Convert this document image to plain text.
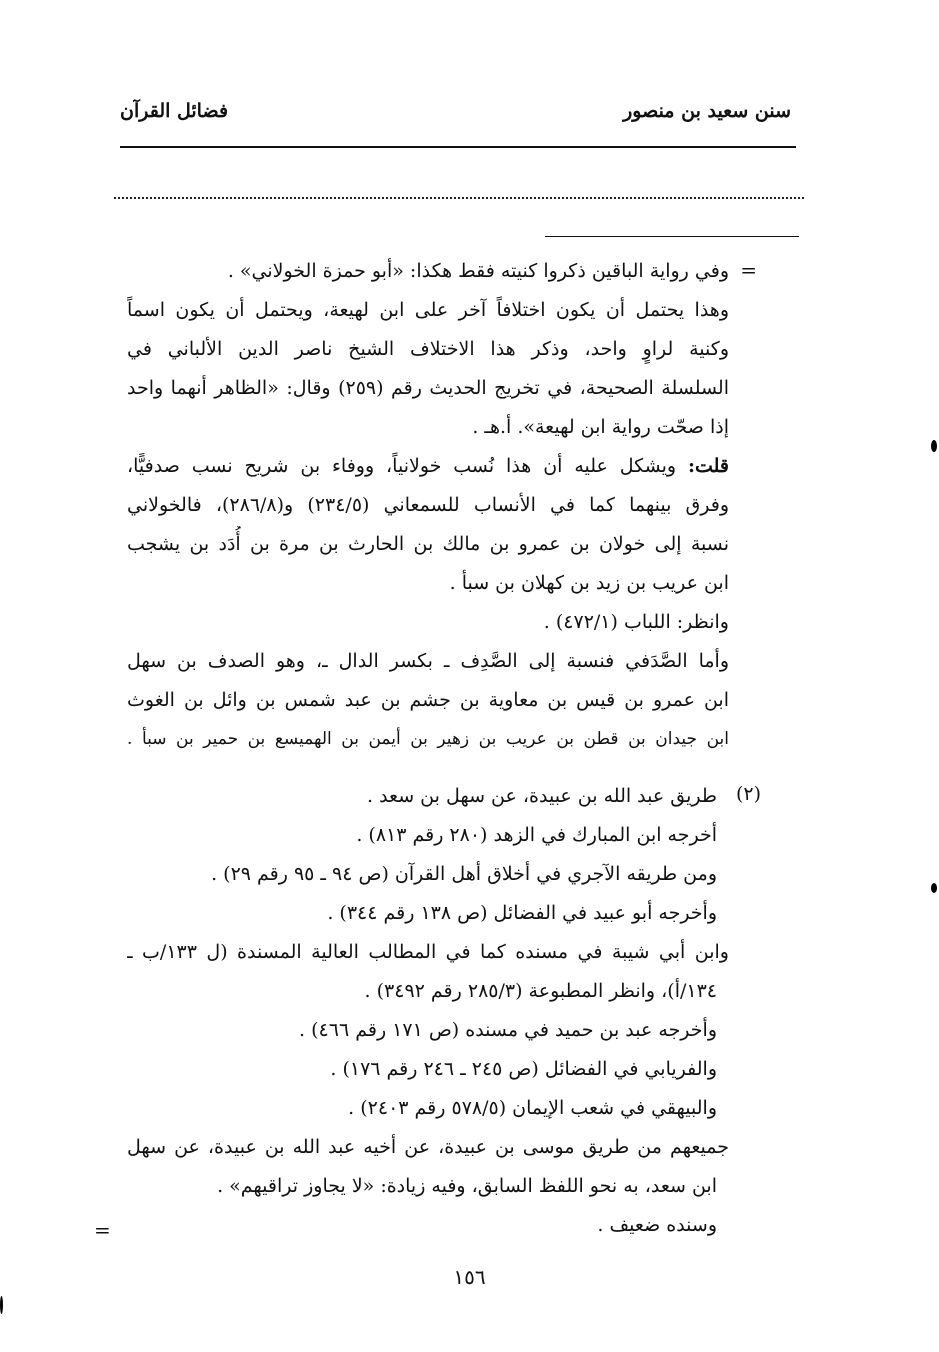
سنن سعيد بن منصور
فضائل القرآن
=
(٢)
=
وفي رواية الباقين ذكروا كنيته فقط هكذا: «أبو حمزة الخولاني» .
وهذا يحتمل أن يكون اختلافاً آخر على ابن لهيعة، ويحتمل أن يكون اسماً
وكنية لراوٍ واحد، وذكر هذا الاختلاف الشيخ ناصر الدين الألباني في
السلسلة الصحيحة، في تخريج الحديث رقم (٢٥٩) وقال: «الظاهر أنهما واحد
إذا صحّت رواية ابن لهيعة». أ.هـ .
قلت: ويشكل عليه أن هذا نُسب خولانياً، ووفاء بن شريح نسب صدفيًّا،
وفرق بينهما كما في الأنساب للسمعاني (٢٣٤/٥) و(٢٨٦/٨)، فالخولاني
نسبة إلى خولان بن عمرو بن مالك بن الحارث بن مرة بن أُدَد بن يشجب
ابن عريب بن زيد بن كهلان بن سبأ .
وانظر: اللباب (٤٧٢/١) .
وأما الصَّدَفي فنسبة إلى الصَّدِف ـ بكسر الدال ـ، وهو الصدف بن سهل
ابن عمرو بن قيس بن معاوية بن جشم بن عبد شمس بن وائل بن الغوث
ابن جيدان بن قطن بن عريب بن زهير بن أيمن بن الهميسع بن حمير بن سبأ .
طريق عبد الله بن عبيدة، عن سهل بن سعد .
أخرجه ابن المبارك في الزهد (٢٨٠ رقم ٨١٣) .
ومن طريقه الآجري في أخلاق أهل القرآن (ص ٩٤ ـ ٩٥ رقم ٢٩) .
وأخرجه أبو عبيد في الفضائل (ص ١٣٨ رقم ٣٤٤) .
وابن أبي شيبة في مسنده كما في المطالب العالية المسندة (ل ١٣٣/ب ـ
١٣٤/أ)، وانظر المطبوعة (٢٨٥/٣ رقم ٣٤٩٢) .
وأخرجه عبد بن حميد في مسنده (ص ١٧١ رقم ٤٦٦) .
والفريابي في الفضائل (ص ٢٤٥ ـ ٢٤٦ رقم ١٧٦) .
والبيهقي في شعب الإيمان (٥٧٨/٥ رقم ٢٤٠٣) .
جميعهم من طريق موسى بن عبيدة، عن أخيه عبد الله بن عبيدة، عن سهل
ابن سعد، به نحو اللفظ السابق، وفيه زيادة: «لا يجاوز تراقيهم» .
وسنده ضعيف .
١٥٦
